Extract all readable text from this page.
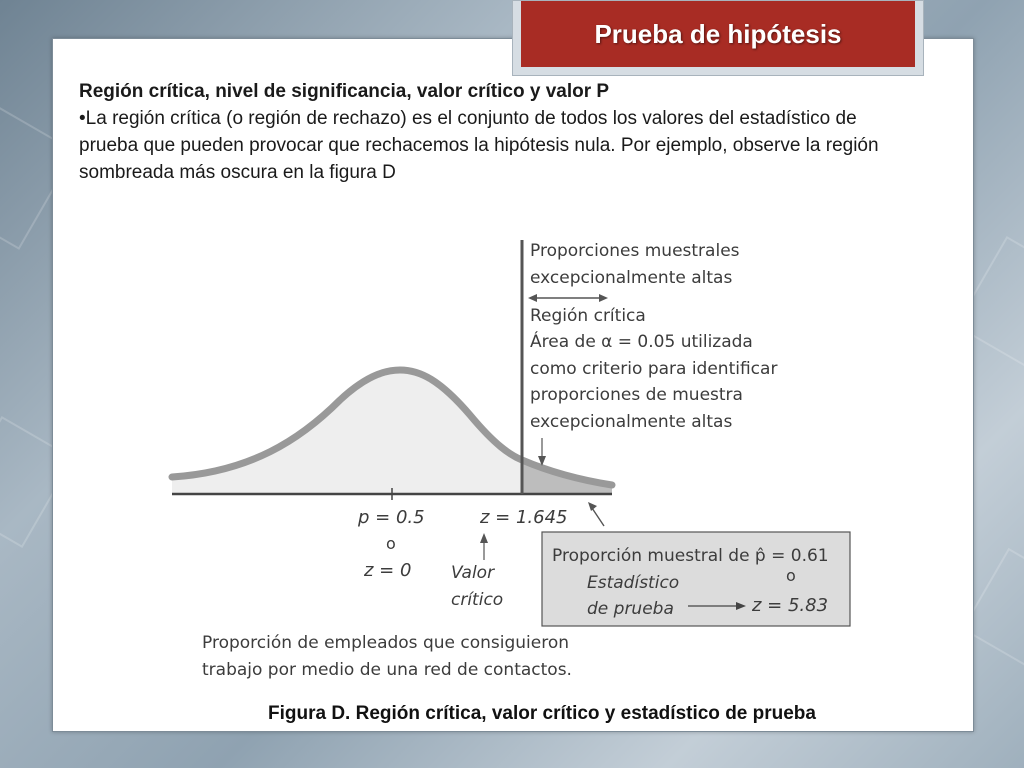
Prueba de hipótesis
Región crítica, nivel de significancia, valor crítico y valor P

•La región crítica (o región de rechazo) es el conjunto de todos los valores del estadístico de prueba que pueden provocar que rechacemos la hipótesis nula. Por ejemplo, observe la región sombreada más oscura en la figura D

Proporciones muestrales
excepcionalmente altas
Región crítica
Área de α = 0.05 utilizada
como criterio para identificar
proporciones de muestra
excepcionalmente altas
p = 0.5
o
z = 0
z = 1.645
Valor
crítico
Proporción muestral de p̂ = 0.61
o
Estadístico
de prueba	z = 5.83
Proporción de empleados que consiguieron
trabajo por medio de una red de contactos.
Figura D. Región crítica, valor crítico y estadístico de prueba
